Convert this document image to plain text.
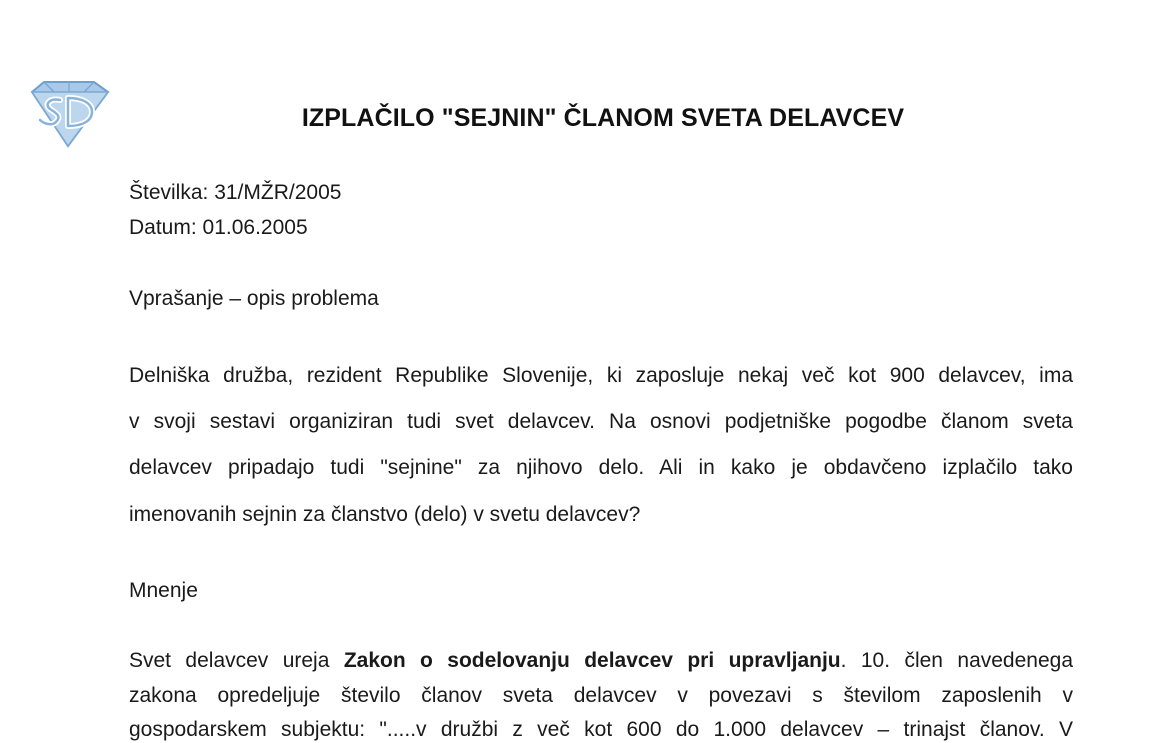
IZPLAČILO "SEJNIN" ČLANOM SVETA DELAVCEV
Številka: 31/MŽR/2005
Datum: 01.06.2005
Vprašanje – opis problema
Delniška družba, rezident Republike Slovenije, ki zaposluje nekaj več kot 900 delavcev, ima
v svoji sestavi organiziran tudi svet delavcev. Na osnovi podjetniške pogodbe članom sveta
delavcev pripadajo tudi "sejnine" za njihovo delo. Ali in kako je obdavčeno izplačilo tako
imenovanih sejnin za članstvo (delo) v svetu delavcev?
Mnenje
Svet delavcev ureja Zakon o sodelovanju delavcev pri upravljanju. 10. člen navedenega
zakona opredeljuje število članov sveta delavcev v povezavi s številom zaposlenih v
gospodarskem subjektu: ".....v družbi z več kot 600 do 1.000 delavcev – trinajst članov. V
